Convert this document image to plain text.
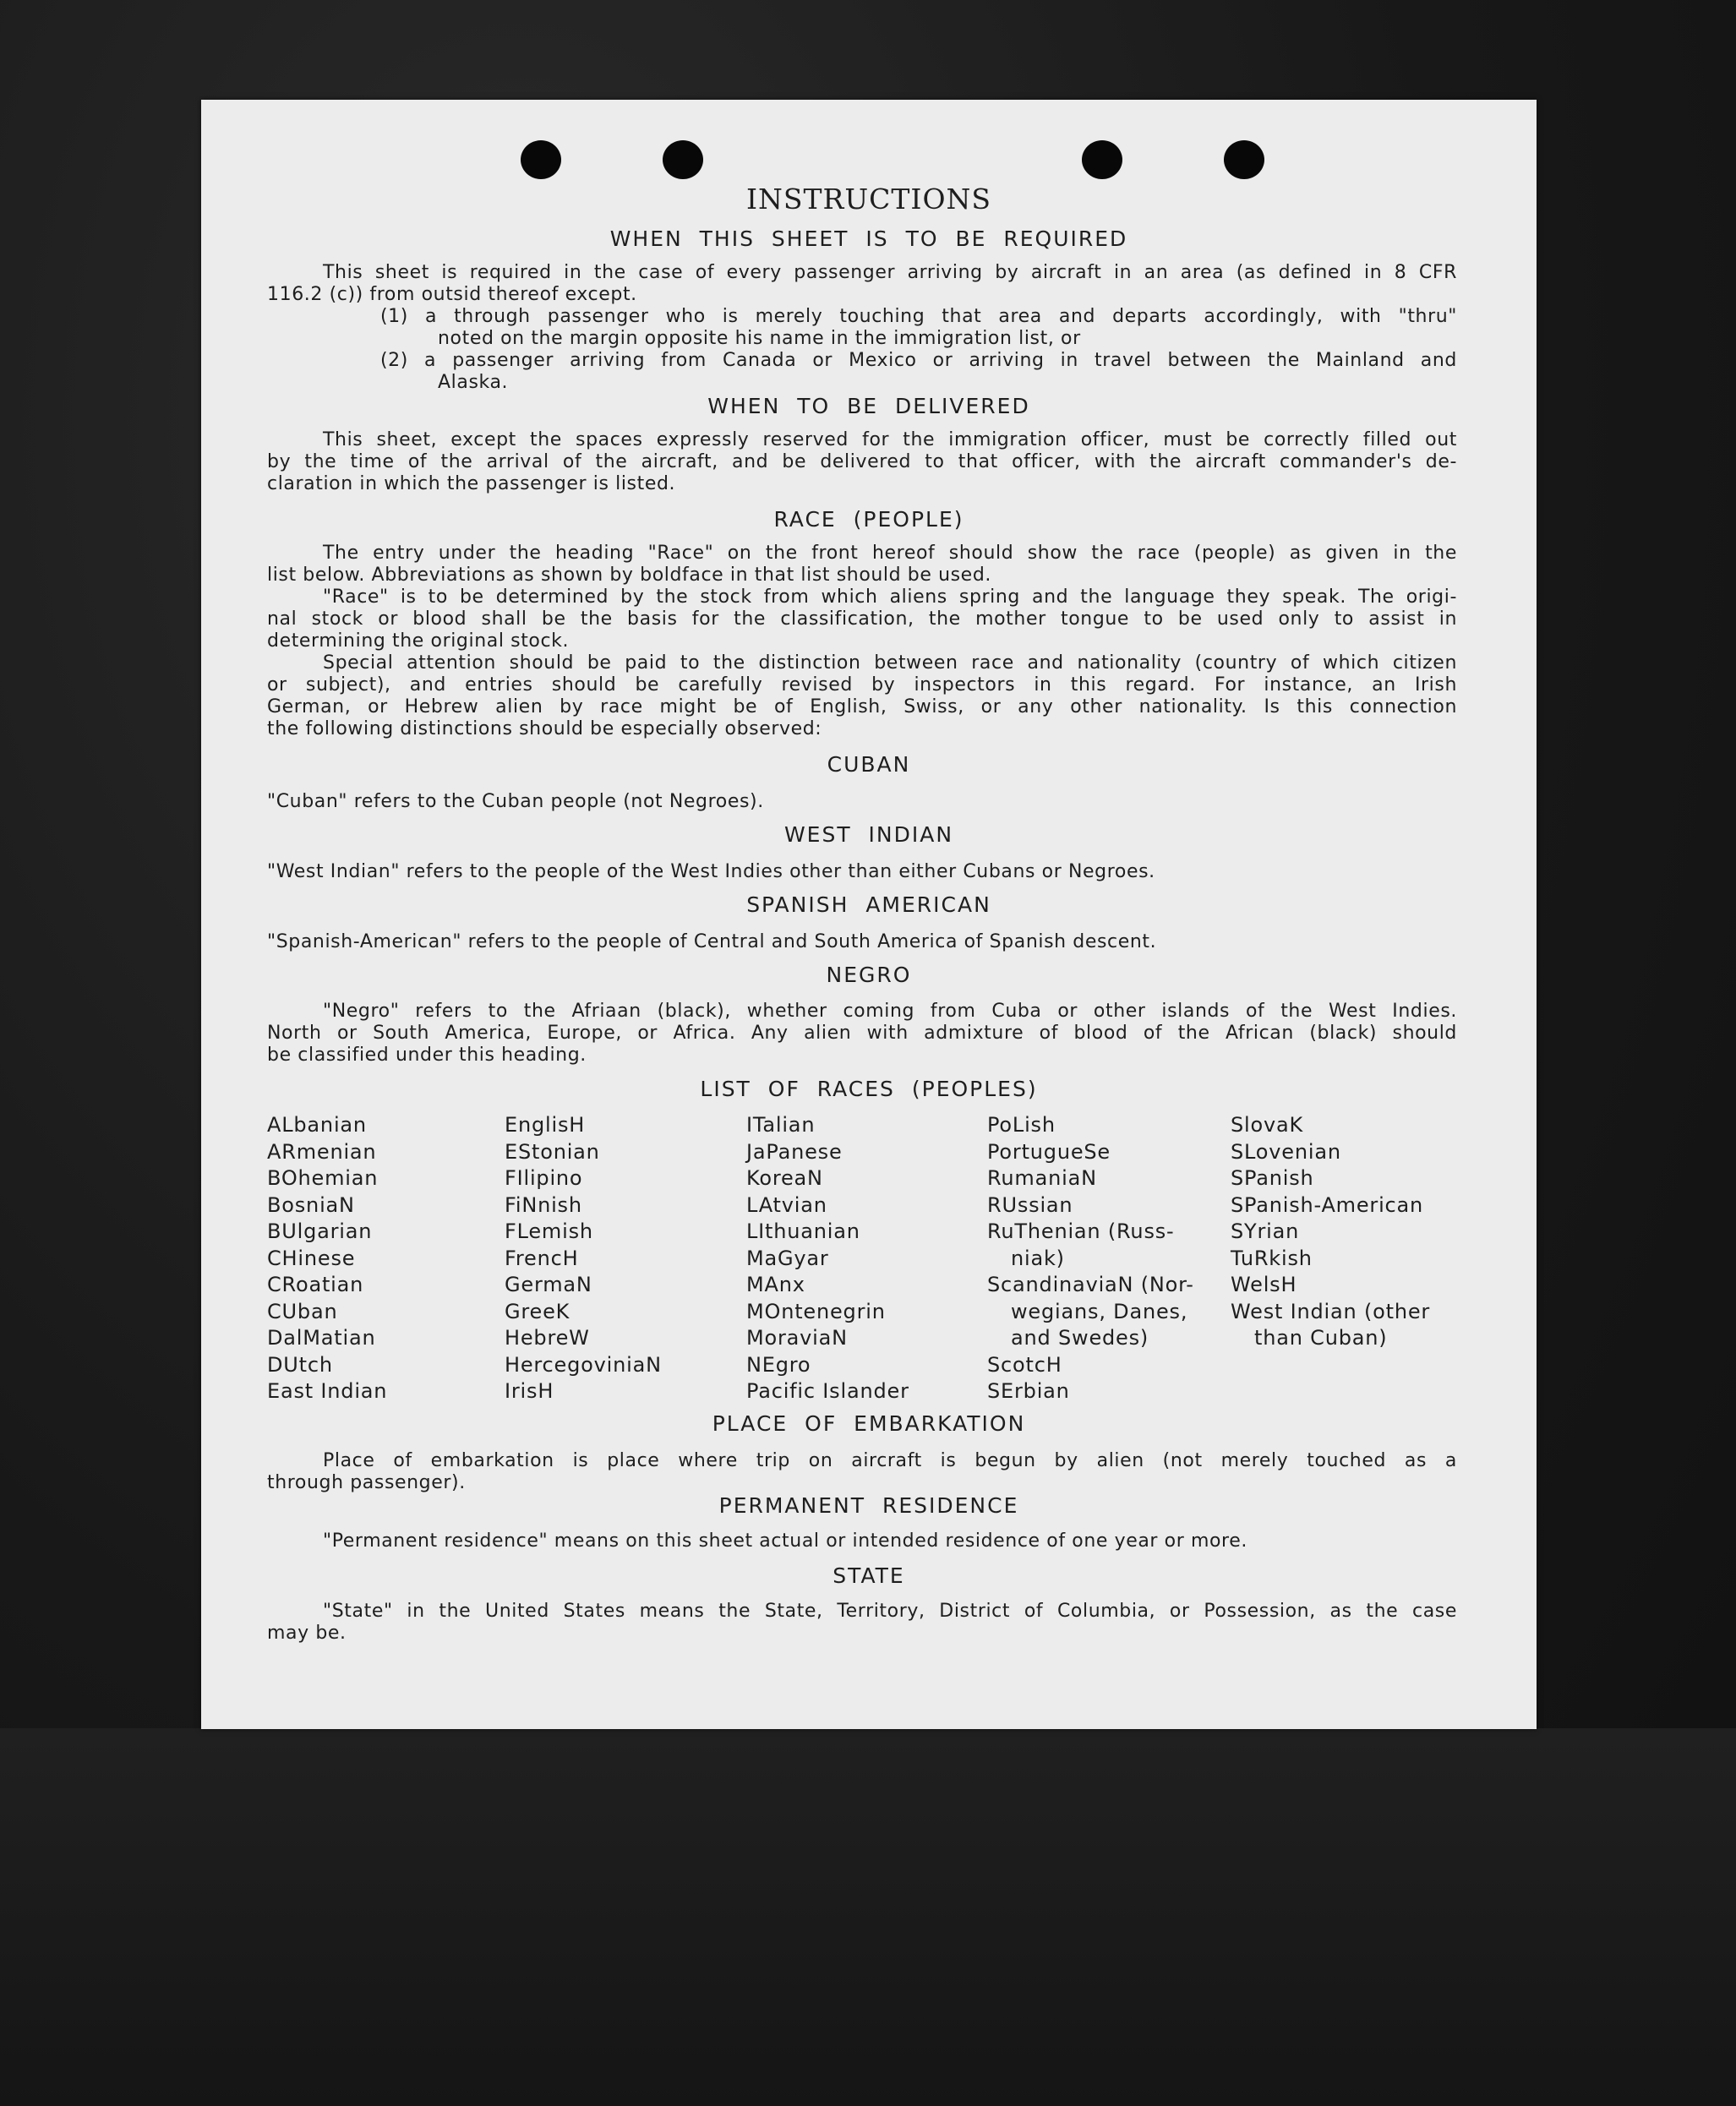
INSTRUCTIONS
WHEN THIS SHEET IS TO BE REQUIRED
This sheet is required in the case of every passenger arriving by aircraft in an area (as defined in 8 CFR
116.2 (c)) from outsid thereof except.
(1) a through passenger who is merely touching that area and departs accordingly, with "thru"
noted on the margin opposite his name in the immigration list, or
(2) a passenger arriving from Canada or Mexico or arriving in travel between the Mainland and
Alaska.
WHEN TO BE DELIVERED
This sheet, except the spaces expressly reserved for the immigration officer, must be correctly filled out
by the time of the arrival of the aircraft, and be delivered to that officer, with the aircraft commander's de-
claration in which the passenger is listed.
RACE (PEOPLE)
The entry under the heading "Race" on the front hereof should show the race (people) as given in the
list below. Abbreviations as shown by boldface in that list should be used.
"Race" is to be determined by the stock from which aliens spring and the language they speak. The origi-
nal stock or blood shall be the basis for the classification, the mother tongue to be used only to assist in
determining the original stock.
Special attention should be paid to the distinction between race and nationality (country of which citizen
or subject), and entries should be carefully revised by inspectors in this regard. For instance, an Irish
German, or Hebrew alien by race might be of English, Swiss, or any other nationality. Is this connection
the following distinctions should be especially observed:
CUBAN
"Cuban" refers to the Cuban people (not Negroes).
WEST INDIAN
"West Indian" refers to the people of the West Indies other than either Cubans or Negroes.
SPANISH AMERICAN
"Spanish-American" refers to the people of Central and South America of Spanish descent.
NEGRO
"Negro" refers to the Afriaan (black), whether coming from Cuba or other islands of the West Indies.
North or South America, Europe, or Africa. Any alien with admixture of blood of the African (black) should
be classified under this heading.
LIST OF RACES (PEOPLES)
ALbanian
ARmenian
BOhemian
BosniaN
BUlgarian
CHinese
CRoatian
CUban
DalMatian
DUtch
East Indian
EnglisH
EStonian
FIlipino
FiNnish
FLemish
FrencH
GermaN
GreeK
HebreW
HercegoviniaN
IrisH
ITalian
JaPanese
KoreaN
LAtvian
LIthuanian
MaGyar
MAnx
MOntenegrin
MoraviaN
NEgro
Pacific Islander
PoLish
PortugueSe
RumaniaN
RUssian
RuThenian (Russ-
niak)
ScandinaviaN (Nor-
wegians, Danes,
and Swedes)
ScotcH
SErbian
SlovaK
SLovenian
SPanish
SPanish-American
SYrian
TuRkish
WelsH
West Indian (other
than Cuban)
PLACE OF EMBARKATION
Place of embarkation is place where trip on aircraft is begun by alien (not merely touched as a
through passenger).
PERMANENT RESIDENCE
"Permanent residence" means on this sheet actual or intended residence of one year or more.
STATE
"State" in the United States means the State, Territory, District of Columbia, or Possession, as the case
may be.
